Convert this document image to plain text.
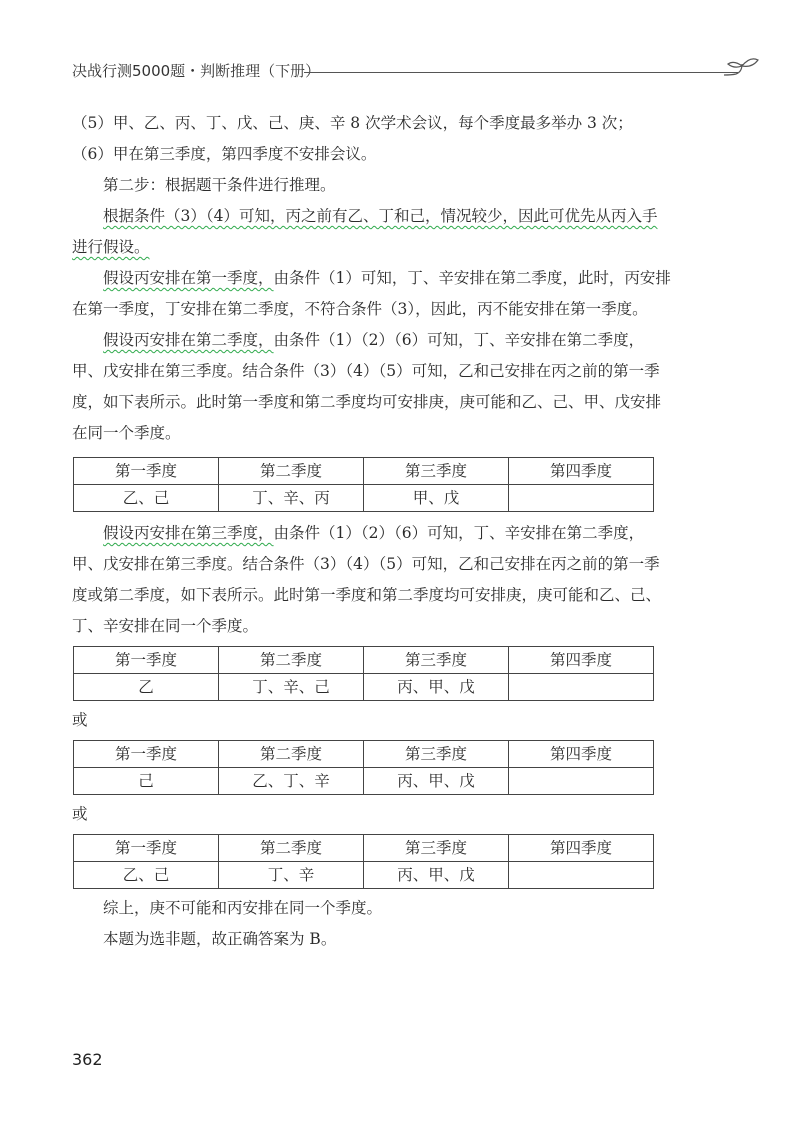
决战行测5000题・判断推理（下册）

（5）甲、乙、丙、丁、戊、己、庚、辛 8 次学术会议，每个季度最多举办 3 次；

（6）甲在第三季度，第四季度不安排会议。

第二步：根据题干条件进行推理。

根据条件（3）（4）可知，丙之前有乙、丁和己，情况较少，因此可优先从丙入手进行假设。

假设丙安排在第一季度，由条件（1）可知，丁、辛安排在第二季度，此时，丙安排在第一季度，丁安排在第二季度，不符合条件（3），因此，丙不能安排在第一季度。

假设丙安排在第二季度，由条件（1）（2）（6）可知，丁、辛安排在第二季度，甲、戊安排在第三季度。结合条件（3）（4）（5）可知，乙和己安排在丙之前的第一季度，如下表所示。此时第一季度和第二季度均可安排庚，庚可能和乙、己、甲、戊安排在同一个季度。

第一季度	第二季度	第三季度	第四季度
乙、己	丁、辛、丙	甲、戊	

假设丙安排在第三季度，由条件（1）（2）（6）可知，丁、辛安排在第二季度，甲、戊安排在第三季度。结合条件（3）（4）（5）可知，乙和己安排在丙之前的第一季度或第二季度，如下表所示。此时第一季度和第二季度均可安排庚，庚可能和乙、己、丁、辛安排在同一个季度。

第一季度	第二季度	第三季度	第四季度
乙	丁、辛、己	丙、甲、戊	

或

第一季度	第二季度	第三季度	第四季度
己	乙、丁、辛	丙、甲、戊	

或

第一季度	第二季度	第三季度	第四季度
乙、己	丁、辛	丙、甲、戊	

综上，庚不可能和丙安排在同一个季度。

本题为选非题，故正确答案为 B。

362
